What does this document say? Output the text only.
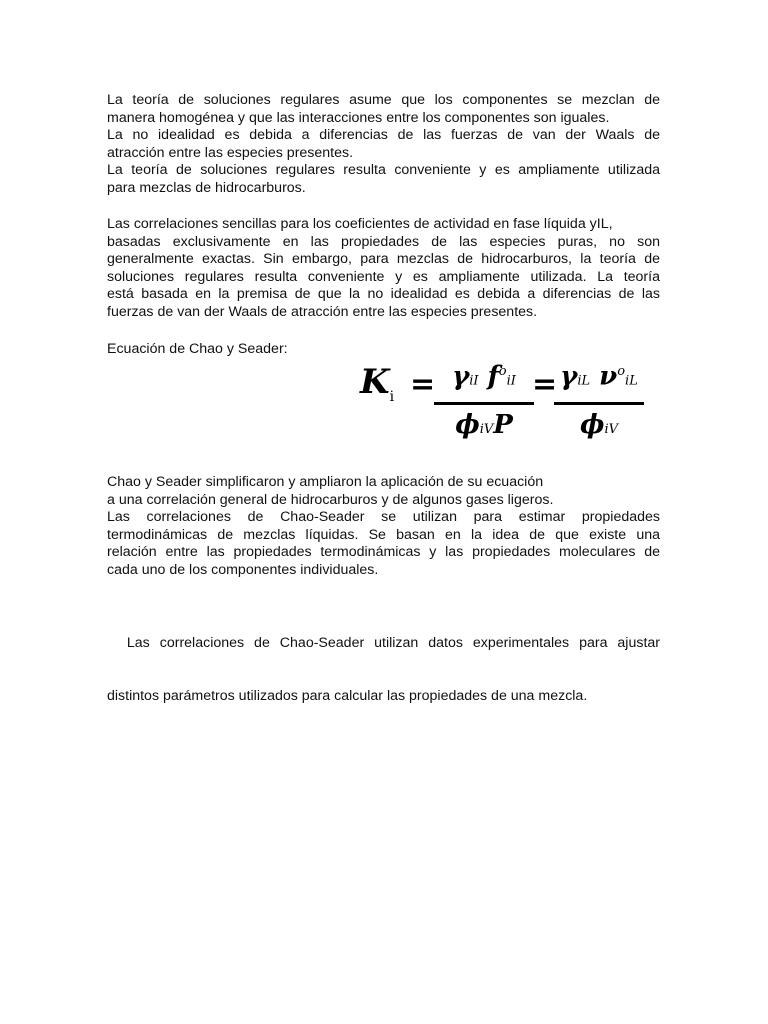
La teoría de soluciones regulares asume que los componentes se mezclan de
manera homogénea y que las interacciones entre los componentes son iguales.
La no idealidad es debida a diferencias de las fuerzas de van der Waals de
atracción entre las especies presentes.
La teoría de soluciones regulares resulta conveniente y es ampliamente utilizada
para mezclas de hidrocarburos.
Las correlaciones sencillas para los coeficientes de actividad en fase líquida yIL,
basadas exclusivamente en las propiedades de las especies puras, no son
generalmente exactas. Sin embargo, para mezclas de hidrocarburos, la teoría de
soluciones regulares resulta conveniente y es ampliamente utilizada. La teoría
está basada en la premisa de que la no idealidad es debida a diferencias de las
fuerzas de van der Waals de atracción entre las especies presentes.
Ecuación de Chao y Seader:
$K_i = \gamma iI$ $f^oiI$
ϕiVP
= γiL $\nu^oiL$
ϕiV
Chao y Seader simplificaron y ampliaron la aplicación de su ecuación
a una correlación general de hidrocarburos y de algunos gases ligeros.
Las correlaciones de Chao-Seader se utilizan para estimar propiedades
termodinámicas de mezclas líquidas. Se basan en la idea de que existe una
relación entre las propiedades termodinámicas y las propiedades moleculares de
cada uno de los componentes individuales.

Las correlaciones de Chao-Seader utilizan datos experimentales para ajustar

distintos parámetros utilizados para calcular las propiedades de una mezcla.
